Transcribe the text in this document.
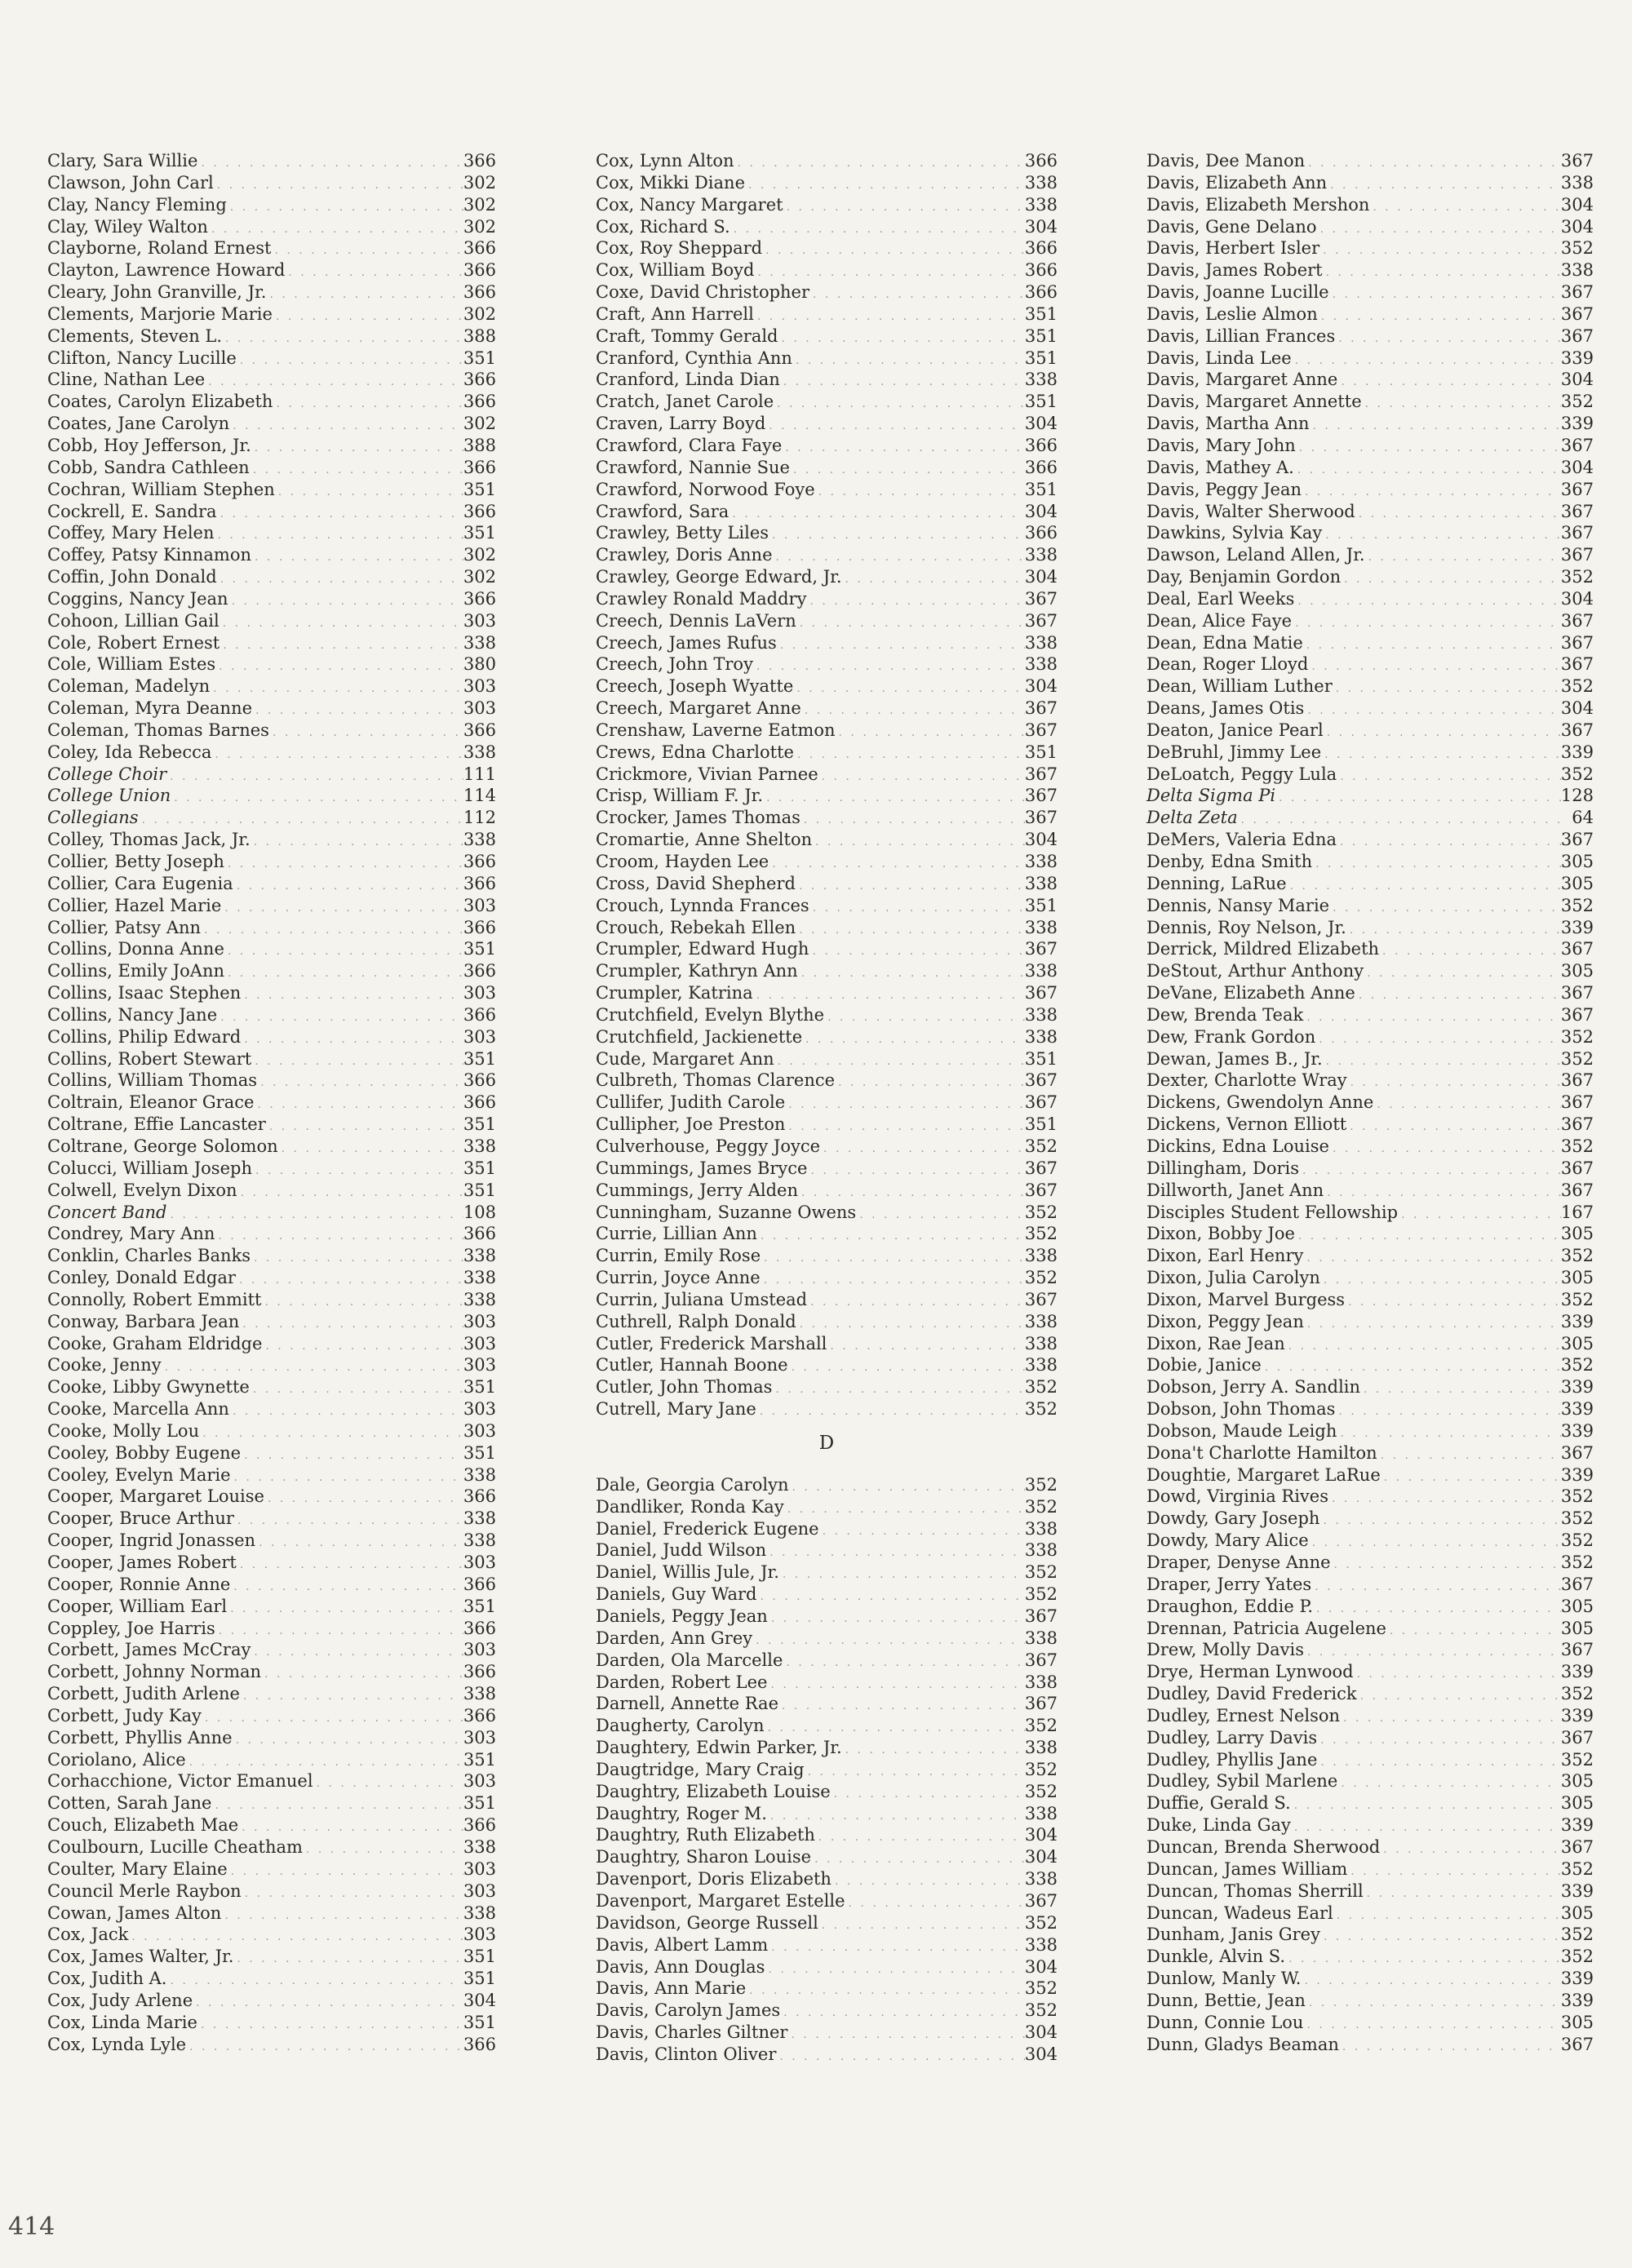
Clary, Sara Willie . . .	366
Clawson, John Carl . . .	302
Clay, Nancy Fleming . . .	302
Clay, Wiley Walton . . .	302
Clayborne, Roland Ernest . . .	366
Clayton, Lawrence Howard . . .	366
Cleary, John Granville, Jr. . . .	366
Clements, Marjorie Marie . . .	302
Clements, Steven L. . . .	388
Clifton, Nancy Lucille . . .	351
Cline, Nathan Lee . . .	366
Coates, Carolyn Elizabeth . . .	366
Coates, Jane Carolyn . . .	302
Cobb, Hoy Jefferson, Jr. . . .	388
Cobb, Sandra Cathleen . . .	366
Cochran, William Stephen . . .	351
Cockrell, E. Sandra . . .	366
Coffey, Mary Helen . . .	351
Coffey, Patsy Kinnamon . . .	302
Coffin, John Donald . . .	302
Coggins, Nancy Jean . . .	366
Cohoon, Lillian Gail . . .	303
Cole, Robert Ernest . . .	338
Cole, William Estes . . .	380
Coleman, Madelyn . . .	303
Coleman, Myra Deanne . . .	303
Coleman, Thomas Barnes . . .	366
Coley, Ida Rebecca . . .	338
College Choir . . .	111
College Union . . .	114
Collegians . . .	112
Colley, Thomas Jack, Jr. . . .	338
Collier, Betty Joseph . . .	366
Collier, Cara Eugenia . . .	366
Collier, Hazel Marie . . .	303
Collier, Patsy Ann . . .	366
Collins, Donna Anne . . .	351
Collins, Emily JoAnn . . .	366
Collins, Isaac Stephen . . .	303
Collins, Nancy Jane . . .	366
Collins, Philip Edward . . .	303
Collins, Robert Stewart . . .	351
Collins, William Thomas . . .	366
Coltrain, Eleanor Grace . . .	366
Coltrane, Effie Lancaster . . .	351
Coltrane, George Solomon . . .	338
Colucci, William Joseph . . .	351
Colwell, Evelyn Dixon . . .	351
Concert Band . . .	108
Condrey, Mary Ann . . .	366
Conklin, Charles Banks . . .	338
Conley, Donald Edgar . . .	338
Connolly, Robert Emmitt . . .	338
Conway, Barbara Jean . . .	303
Cooke, Graham Eldridge . . .	303
Cooke, Jenny . . .	303
Cooke, Libby Gwynette . . .	351
Cooke, Marcella Ann . . .	303
Cooke, Molly Lou . . .	303
Cooley, Bobby Eugene . . .	351
Cooley, Evelyn Marie . . .	338
Cooper, Margaret Louise . . .	366
Cooper, Bruce Arthur . . .	338
Cooper, Ingrid Jonassen . . .	338
Cooper, James Robert . . .	303
Cooper, Ronnie Anne . . .	366
Cooper, William Earl . . .	351
Coppley, Joe Harris . . .	366
Corbett, James McCray . . .	303
Corbett, Johnny Norman . . .	366
Corbett, Judith Arlene . . .	338
Corbett, Judy Kay . . .	366
Corbett, Phyllis Anne . . .	303
Coriolano, Alice . . .	351
Corhacchione, Victor Emanuel . . .	303
Cotten, Sarah Jane . . .	351
Couch, Elizabeth Mae . . .	366
Coulbourn, Lucille Cheatham . . .	338
Coulter, Mary Elaine . . .	303
Council Merle Raybon . . .	303
Cowan, James Alton . . .	338
Cox, Jack . . .	303
Cox, James Walter, Jr. . . .	351
Cox, Judith A. . . .	351
Cox, Judy Arlene . . .	304
Cox, Linda Marie . . .	351
Cox, Lynda Lyle . . .	366
Cox, Lynn Alton . . .	366
Cox, Mikki Diane . . .	338
Cox, Nancy Margaret . . .	338
Cox, Richard S. . . .	304
Cox, Roy Sheppard . . .	366
Cox, William Boyd . . .	366
Coxe, David Christopher . . .	366
Craft, Ann Harrell . . .	351
Craft, Tommy Gerald . . .	351
Cranford, Cynthia Ann . . .	351
Cranford, Linda Dian . . .	338
Cratch, Janet Carole . . .	351
Craven, Larry Boyd . . .	304
Crawford, Clara Faye . . .	366
Crawford, Nannie Sue . . .	366
Crawford, Norwood Foye . . .	351
Crawford, Sara . . .	304
Crawley, Betty Liles . . .	366
Crawley, Doris Anne . . .	338
Crawley, George Edward, Jr. . . .	304
Crawley Ronald Maddry . . .	367
Creech, Dennis LaVern . . .	367
Creech, James Rufus . . .	338
Creech, John Troy . . .	338
Creech, Joseph Wyatte . . .	304
Creech, Margaret Anne . . .	367
Crenshaw, Laverne Eatmon . . .	367
Crews, Edna Charlotte . . .	351
Crickmore, Vivian Parnee . . .	367
Crisp, William F. Jr. . . .	367
Crocker, James Thomas . . .	367
Cromartie, Anne Shelton . . .	304
Croom, Hayden Lee . . .	338
Cross, David Shepherd . . .	338
Crouch, Lynnda Frances . . .	351
Crouch, Rebekah Ellen . . .	338
Crumpler, Edward Hugh . . .	367
Crumpler, Kathryn Ann . . .	338
Crumpler, Katrina . . .	367
Crutchfield, Evelyn Blythe . . .	338
Crutchfield, Jackienette . . .	338
Cude, Margaret Ann . . .	351
Culbreth, Thomas Clarence . . .	367
Cullifer, Judith Carole . . .	367
Cullipher, Joe Preston . . .	351
Culverhouse, Peggy Joyce . . .	352
Cummings, James Bryce . . .	367
Cummings, Jerry Alden . . .	367
Cunningham, Suzanne Owens . . .	352
Currie, Lillian Ann . . .	352
Currin, Emily Rose . . .	338
Currin, Joyce Anne . . .	352
Currin, Juliana Umstead . . .	367
Cuthrell, Ralph Donald . . .	338
Cutler, Frederick Marshall . . .	338
Cutler, Hannah Boone . . .	338
Cutler, John Thomas . . .	352
Cutrell, Mary Jane . . .	352
D
Dale, Georgia Carolyn . . .	352
Dandliker, Ronda Kay . . .	352
Daniel, Frederick Eugene . . .	338
Daniel, Judd Wilson . . .	338
Daniel, Willis Jule, Jr. . . .	352
Daniels, Guy Ward . . .	352
Daniels, Peggy Jean . . .	367
Darden, Ann Grey . . .	338
Darden, Ola Marcelle . . .	367
Darden, Robert Lee . . .	338
Darnell, Annette Rae . . .	367
Daugherty, Carolyn . . .	352
Daughtery, Edwin Parker, Jr. . . .	338
Daugtridge, Mary Craig . . .	352
Daughtry, Elizabeth Louise . . .	352
Daughtry, Roger M. . . .	338
Daughtry, Ruth Elizabeth . . .	304
Daughtry, Sharon Louise . . .	304
Davenport, Doris Elizabeth . . .	338
Davenport, Margaret Estelle . . .	367
Davidson, George Russell . . .	352
Davis, Albert Lamm . . .	338
Davis, Ann Douglas . . .	304
Davis, Ann Marie . . .	352
Davis, Carolyn James . . .	352
Davis, Charles Giltner . . .	304
Davis, Clinton Oliver . . .	304
Davis, Dee Manon . . .	367
Davis, Elizabeth Ann . . .	338
Davis, Elizabeth Mershon . . .	304
Davis, Gene Delano . . .	304
Davis, Herbert Isler . . .	352
Davis, James Robert . . .	338
Davis, Joanne Lucille . . .	367
Davis, Leslie Almon . . .	367
Davis, Lillian Frances . . .	367
Davis, Linda Lee . . .	339
Davis, Margaret Anne . . .	304
Davis, Margaret Annette . . .	352
Davis, Martha Ann . . .	339
Davis, Mary John . . .	367
Davis, Mathey A. . . .	304
Davis, Peggy Jean . . .	367
Davis, Walter Sherwood . . .	367
Dawkins, Sylvia Kay . . .	367
Dawson, Leland Allen, Jr. . . .	367
Day, Benjamin Gordon . . .	352
Deal, Earl Weeks . . .	304
Dean, Alice Faye . . .	367
Dean, Edna Matie . . .	367
Dean, Roger Lloyd . . .	367
Dean, William Luther . . .	352
Deans, James Otis . . .	304
Deaton, Janice Pearl . . .	367
DeBruhl, Jimmy Lee . . .	339
DeLoatch, Peggy Lula . . .	352
Delta Sigma Pi . . .	128
Delta Zeta . . .	64
DeMers, Valeria Edna . . .	367
Denby, Edna Smith . . .	305
Denning, LaRue . . .	305
Dennis, Nansy Marie . . .	352
Dennis, Roy Nelson, Jr. . . .	339
Derrick, Mildred Elizabeth . . .	367
DeStout, Arthur Anthony . . .	305
DeVane, Elizabeth Anne . . .	367
Dew, Brenda Teak . . .	367
Dew, Frank Gordon . . .	352
Dewan, James B., Jr. . . .	352
Dexter, Charlotte Wray . . .	367
Dickens, Gwendolyn Anne . . .	367
Dickens, Vernon Elliott . . .	367
Dickins, Edna Louise . . .	352
Dillingham, Doris . . .	367
Dillworth, Janet Ann . . .	367
Disciples Student Fellowship . . .	167
Dixon, Bobby Joe . . .	305
Dixon, Earl Henry . . .	352
Dixon, Julia Carolyn . . .	305
Dixon, Marvel Burgess . . .	352
Dixon, Peggy Jean . . .	339
Dixon, Rae Jean . . .	305
Dobie, Janice . . .	352
Dobson, Jerry A. Sandlin . . .	339
Dobson, John Thomas . . .	339
Dobson, Maude Leigh . . .	339
Dona't Charlotte Hamilton . . .	367
Doughtie, Margaret LaRue . . .	339
Dowd, Virginia Rives . . .	352
Dowdy, Gary Joseph . . .	352
Dowdy, Mary Alice . . .	352
Draper, Denyse Anne . . .	352
Draper, Jerry Yates . . .	367
Draughon, Eddie P. . . .	305
Drennan, Patricia Augelene . . .	305
Drew, Molly Davis . . .	367
Drye, Herman Lynwood . . .	339
Dudley, David Frederick . . .	352
Dudley, Ernest Nelson . . .	339
Dudley, Larry Davis . . .	367
Dudley, Phyllis Jane . . .	352
Dudley, Sybil Marlene . . .	305
Duffie, Gerald S. . . .	305
Duke, Linda Gay . . .	339
Duncan, Brenda Sherwood . . .	367
Duncan, James William . . .	352
Duncan, Thomas Sherrill . . .	339
Duncan, Wadeus Earl . . .	305
Dunham, Janis Grey . . .	352
Dunkle, Alvin S. . . .	352
Dunlow, Manly W. . . .	339
Dunn, Bettie, Jean . . .	339
Dunn, Connie Lou . . .	305
Dunn, Gladys Beaman . . .	367
414
